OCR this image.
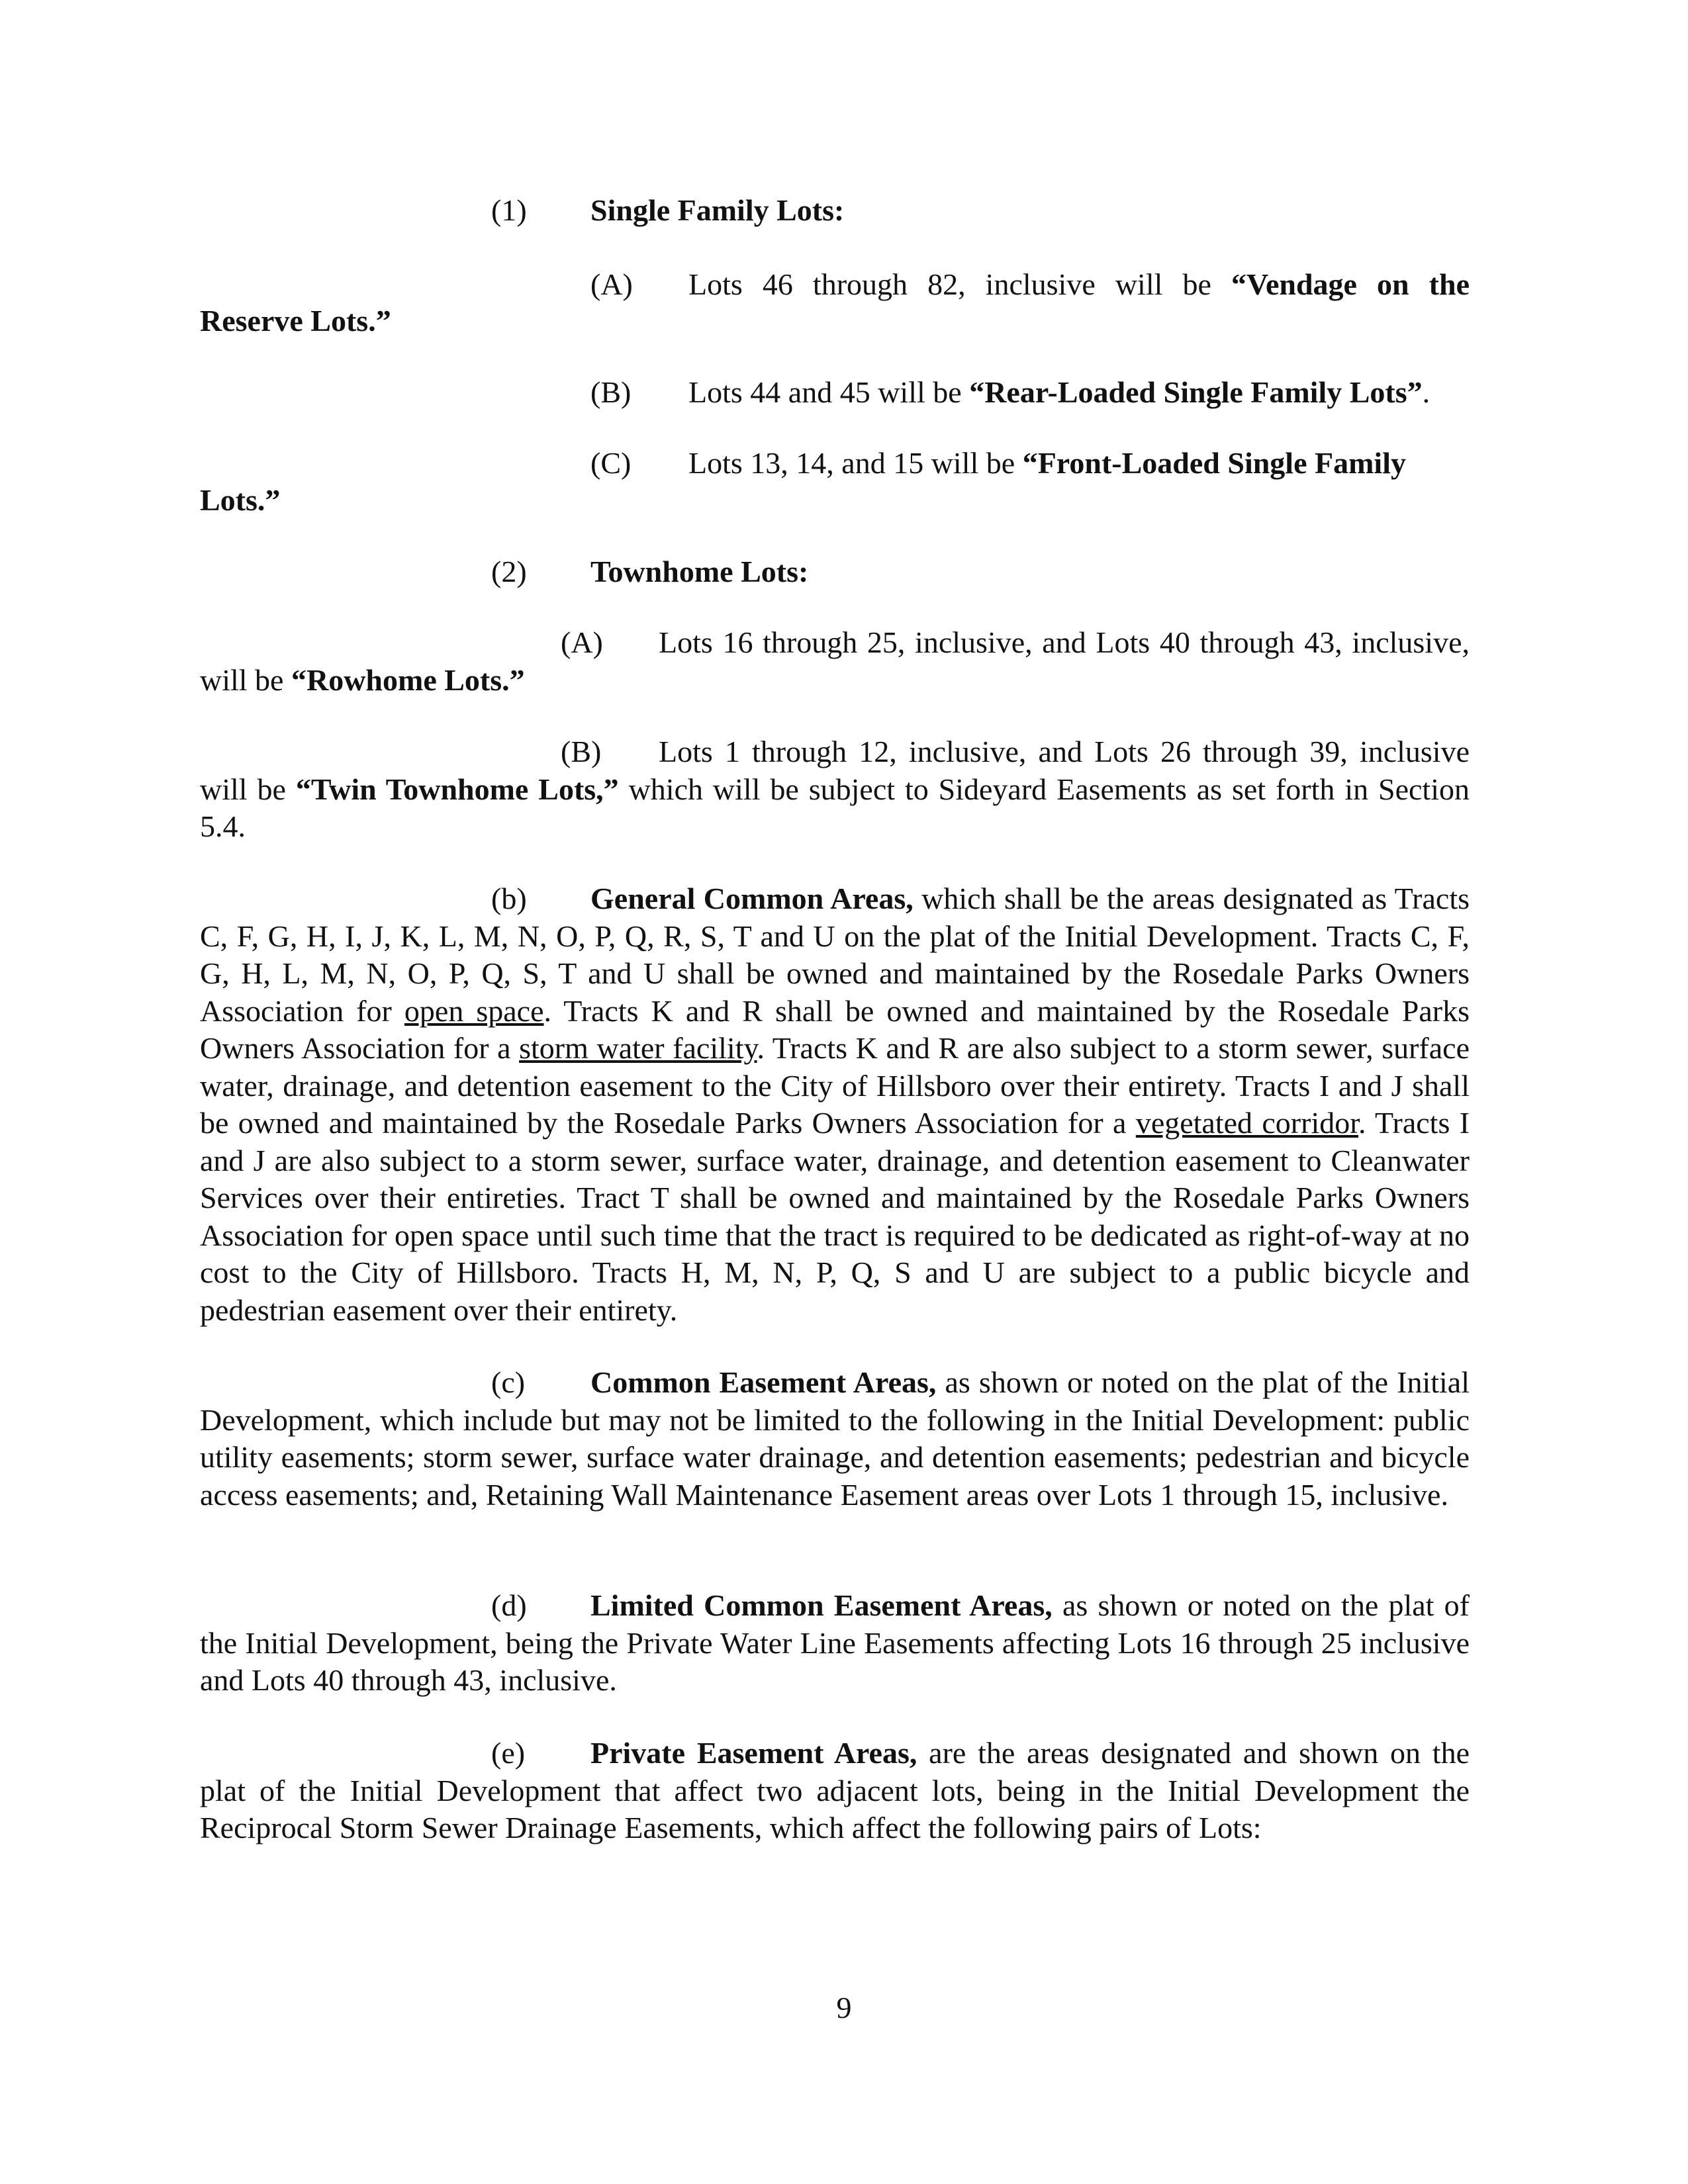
(1) Single Family Lots:
(A) Lots 46 through 82, inclusive will be “Vendage on the
Reserve Lots.”
(B) Lots 44 and 45 will be “Rear-Loaded Single Family Lots”.
(C) Lots 13, 14, and 15 will be “Front-Loaded Single Family
Lots.”
(2) Townhome Lots:
(A) Lots 16 through 25, inclusive, and Lots 40 through 43, inclusive, will be “Rowhome Lots.”
(B) Lots 1 through 12, inclusive, and Lots 26 through 39, inclusive will be “Twin Townhome Lots,” which will be subject to Sideyard Easements as set forth in Section 5.4.
(b) General Common Areas, which shall be the areas designated as Tracts C, F, G, H, I, J, K, L, M, N, O, P, Q, R, S, T and U on the plat of the Initial Development. Tracts C, F, G, H, L, M, N, O, P, Q, S, T and U shall be owned and maintained by the Rosedale Parks Owners Association for open space. Tracts K and R shall be owned and maintained by the Rosedale Parks Owners Association for a storm water facility. Tracts K and R are also subject to a storm sewer, surface water, drainage, and detention easement to the City of Hillsboro over their entirety. Tracts I and J shall be owned and maintained by the Rosedale Parks Owners Association for a vegetated corridor. Tracts I and J are also subject to a storm sewer, surface water, drainage, and detention easement to Cleanwater Services over their entireties. Tract T shall be owned and maintained by the Rosedale Parks Owners Association for open space until such time that the tract is required to be dedicated as right-of-way at no cost to the City of Hillsboro. Tracts H, M, N, P, Q, S and U are subject to a public bicycle and pedestrian easement over their entirety.
(c) Common Easement Areas, as shown or noted on the plat of the Initial Development, which include but may not be limited to the following in the Initial Development: public utility easements; storm sewer, surface water drainage, and detention easements; pedestrian and bicycle access easements; and, Retaining Wall Maintenance Easement areas over Lots 1 through 15, inclusive.
(d) Limited Common Easement Areas, as shown or noted on the plat of the Initial Development, being the Private Water Line Easements affecting Lots 16 through 25 inclusive and Lots 40 through 43, inclusive.
(e) Private Easement Areas, are the areas designated and shown on the plat of the Initial Development that affect two adjacent lots, being in the Initial Development the Reciprocal Storm Sewer Drainage Easements, which affect the following pairs of Lots:
9
